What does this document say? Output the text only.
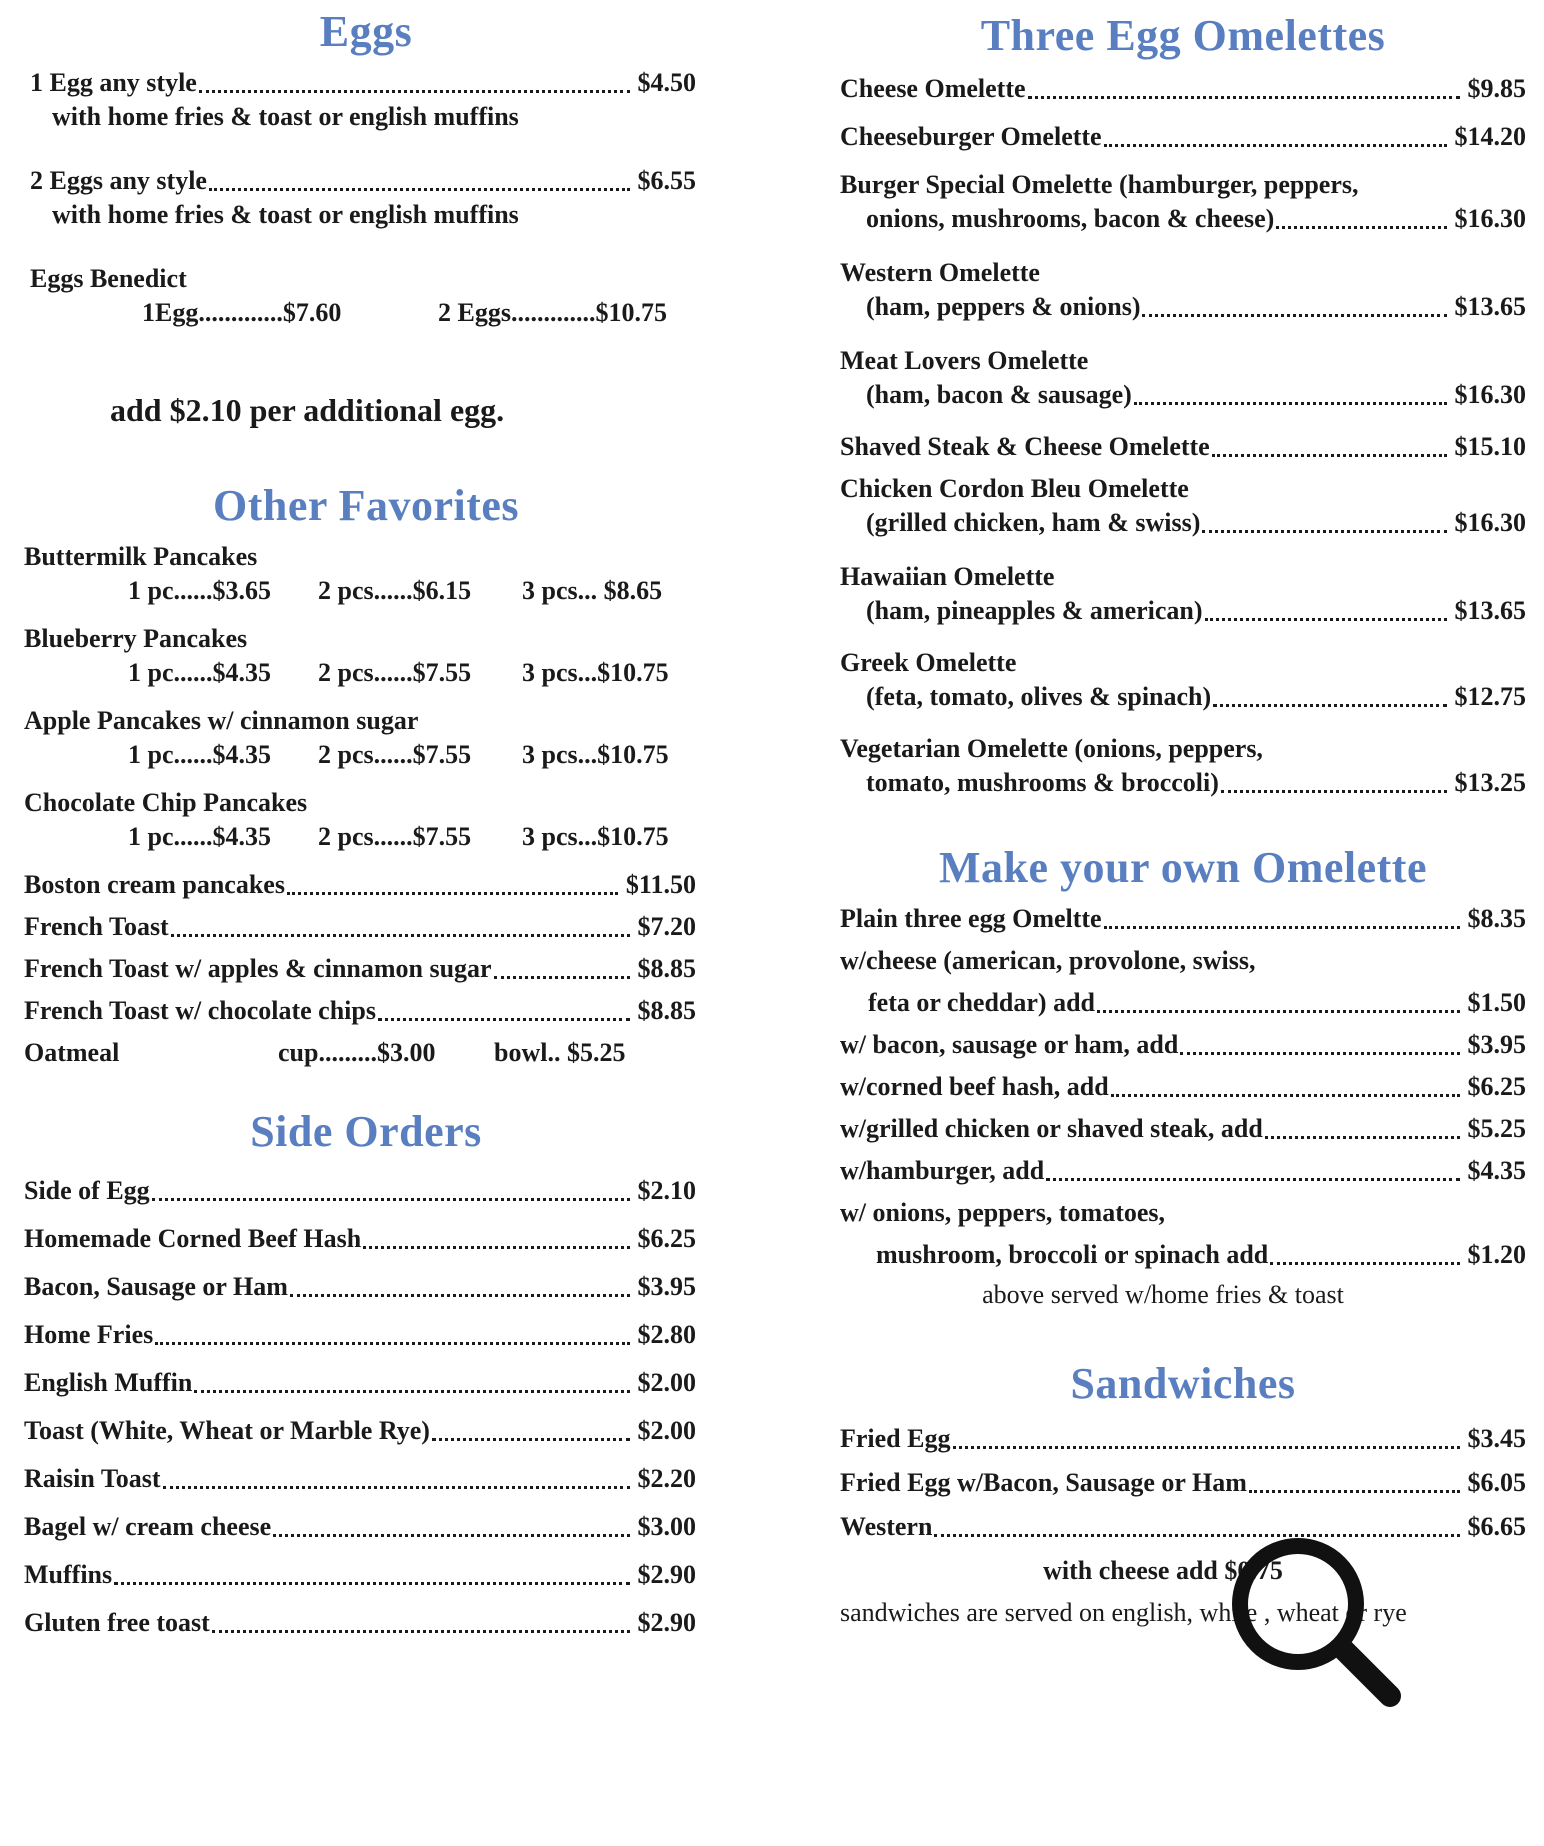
Eggs
1 Egg any style	$4.50
with home fries & toast or english muffins
2 Eggs any style	$6.55
with home fries & toast or english muffins
Eggs Benedict
1Egg.............$7.60	2 Eggs.............$10.75
add $2.10 per additional egg.
Other Favorites
Buttermilk Pancakes
1 pc......$3.65	2 pcs......$6.15	3 pcs... $8.65
Blueberry Pancakes
1 pc......$4.35	2 pcs......$7.55	3 pcs...$10.75
Apple Pancakes w/ cinnamon sugar
1 pc......$4.35	2 pcs......$7.55	3 pcs...$10.75
Chocolate Chip Pancakes
1 pc......$4.35	2 pcs......$7.55	3 pcs...$10.75
Boston cream pancakes	$11.50
French Toast	$7.20
French Toast w/ apples & cinnamon sugar	$8.85
French Toast w/ chocolate chips	$8.85
Oatmeal	cup.........$3.00	bowl.. $5.25
Side Orders
Side of Egg	$2.10
Homemade Corned Beef Hash	$6.25
Bacon, Sausage or Ham	$3.95
Home Fries	$2.80
English Muffin	$2.00
Toast (White, Wheat or Marble Rye)	$2.00
Raisin Toast	$2.20
Bagel w/ cream cheese	$3.00
Muffins	$2.90
Gluten free toast	$2.90
Three Egg Omelettes
Cheese Omelette	$9.85
Cheeseburger Omelette	$14.20
Burger Special Omelette (hamburger, peppers,
onions, mushrooms, bacon & cheese)	$16.30
Western Omelette
(ham, peppers & onions)	$13.65
Meat Lovers Omelette
(ham, bacon & sausage)	$16.30
Shaved Steak & Cheese Omelette	$15.10
Chicken Cordon Bleu Omelette
(grilled chicken, ham & swiss)	$16.30
Hawaiian Omelette
(ham, pineapples & american)	$13.65
Greek Omelette
(feta, tomato, olives & spinach)	$12.75
Vegetarian Omelette (onions, peppers,
tomato, mushrooms & broccoli)	$13.25
Make your own Omelette
Plain three egg Omeltte	$8.35
w/cheese (american, provolone, swiss,
feta or cheddar) add	$1.50
w/ bacon, sausage or ham, add	$3.95
w/corned beef hash, add	$6.25
w/grilled chicken or shaved steak, add	$5.25
w/hamburger, add	$4.35
w/ onions, peppers, tomatoes,
mushroom, broccoli or spinach add	$1.20
above served w/home fries & toast
Sandwiches
Fried Egg	$3.45
Fried Egg w/Bacon, Sausage or Ham	$6.05
Western	$6.65
with cheese add $0.75
sandwiches are served on english, white , wheat or rye
